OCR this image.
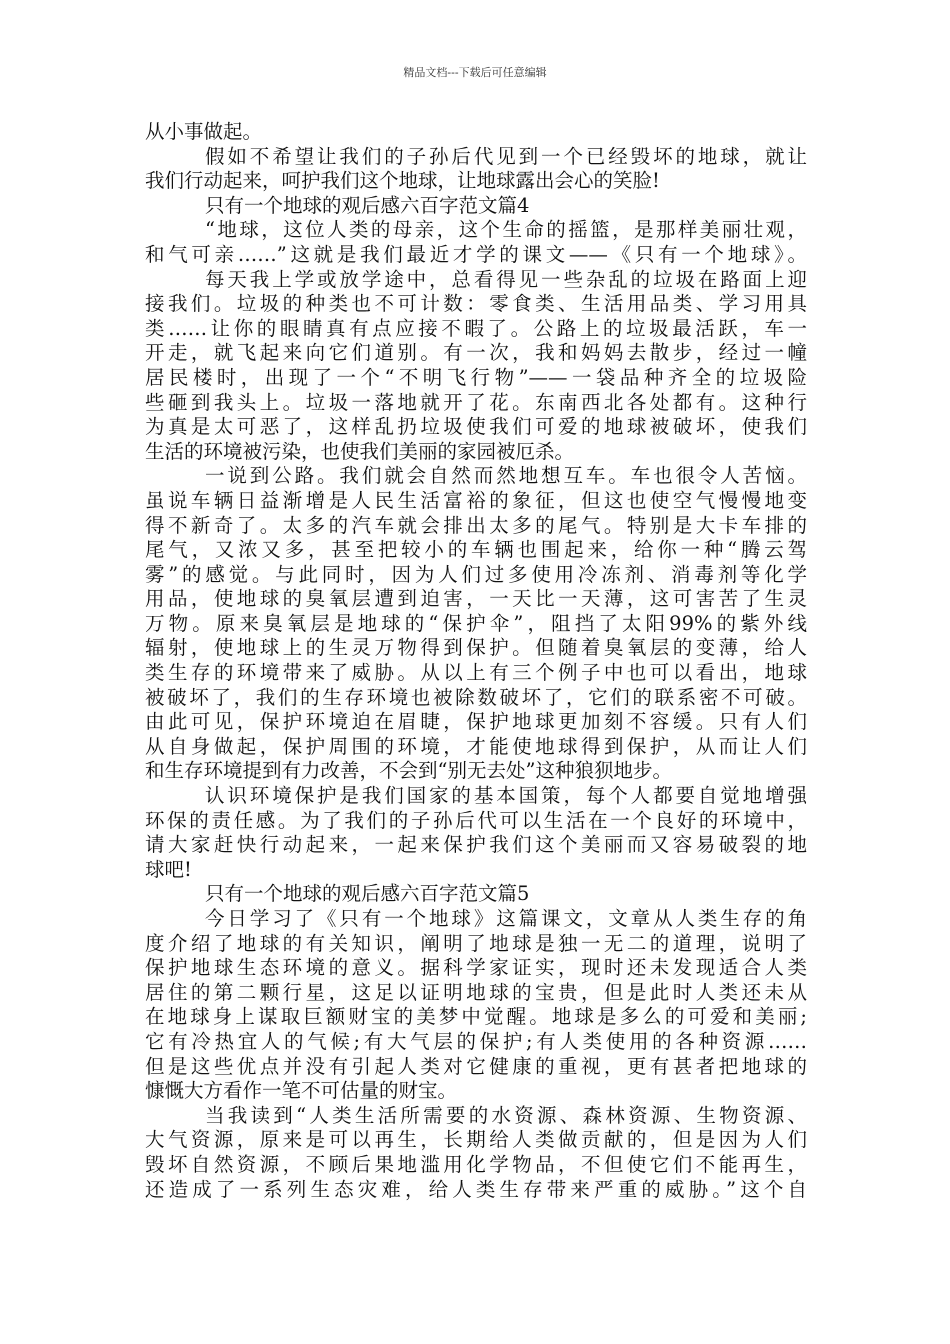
精品文档---下载后可任意编辑
从小事做起。
假如不希望让我们的子孙后代见到一个已经毁坏的地球，就让
我们行动起来，呵护我们这个地球，让地球露出会心的笑脸!
只有一个地球的观后感六百字范文篇4
“地球，这位人类的母亲，这个生命的摇篮，是那样美丽壮观，
和气可亲……”这就是我们最近才学的课文——《只有一个地球》。
每天我上学或放学途中，总看得见一些杂乱的垃圾在路面上迎
接我们。垃圾的种类也不可计数：零食类、生活用品类、学习用具
类……让你的眼睛真有点应接不暇了。公路上的垃圾最活跃，车一
开走，就飞起来向它们道别。有一次，我和妈妈去散步，经过一幢
居民楼时，出现了一个“不明飞行物”——一袋品种齐全的垃圾险
些砸到我头上。垃圾一落地就开了花。东南西北各处都有。这种行
为真是太可恶了，这样乱扔垃圾使我们可爱的地球被破坏，使我们
生活的环境被污染，也使我们美丽的家园被厄杀。
一说到公路。我们就会自然而然地想互车。车也很令人苦恼。
虽说车辆日益渐增是人民生活富裕的象征，但这也使空气慢慢地变
得不新奇了。太多的汽车就会排出太多的尾气。特别是大卡车排的
尾气，又浓又多，甚至把较小的车辆也围起来，给你一种“腾云驾
雾”的感觉。与此同时，因为人们过多使用冷冻剂、消毒剂等化学
用品，使地球的臭氧层遭到迫害，一天比一天薄，这可害苦了生灵
万物。原来臭氧层是地球的“保护伞”，阻挡了太阳99%的紫外线
辐射，使地球上的生灵万物得到保护。但随着臭氧层的变薄，给人
类生存的环境带来了威胁。从以上有三个例子中也可以看出，地球
被破坏了，我们的生存环境也被除数破坏了，它们的联系密不可破。
由此可见，保护环境迫在眉睫，保护地球更加刻不容缓。只有人们
从自身做起，保护周围的环境，才能使地球得到保护，从而让人们
和生存环境提到有力改善，不会到“别无去处”这种狼狈地步。
认识环境保护是我们国家的基本国策，每个人都要自觉地增强
环保的责任感。为了我们的子孙后代可以生活在一个良好的环境中，
请大家赶快行动起来，一起来保护我们这个美丽而又容易破裂的地
球吧!
只有一个地球的观后感六百字范文篇5
今日学习了《只有一个地球》这篇课文，文章从人类生存的角
度介绍了地球的有关知识，阐明了地球是独一无二的道理，说明了
保护地球生态环境的意义。据科学家证实，现时还未发现适合人类
居住的第二颗行星，这足以证明地球的宝贵，但是此时人类还未从
在地球身上谋取巨额财宝的美梦中觉醒。地球是多么的可爱和美丽;
它有冷热宜人的气候;有大气层的保护;有人类使用的各种资源……
但是这些优点并没有引起人类对它健康的重视，更有甚者把地球的
慷慨大方看作一笔不可估量的财宝。
当我读到“人类生活所需要的水资源、森林资源、生物资源、
大气资源，原来是可以再生，长期给人类做贡献的，但是因为人们
毁坏自然资源，不顾后果地滥用化学物品，不但使它们不能再生，
还造成了一系列生态灾难，给人类生存带来严重的威胁。”这个自
